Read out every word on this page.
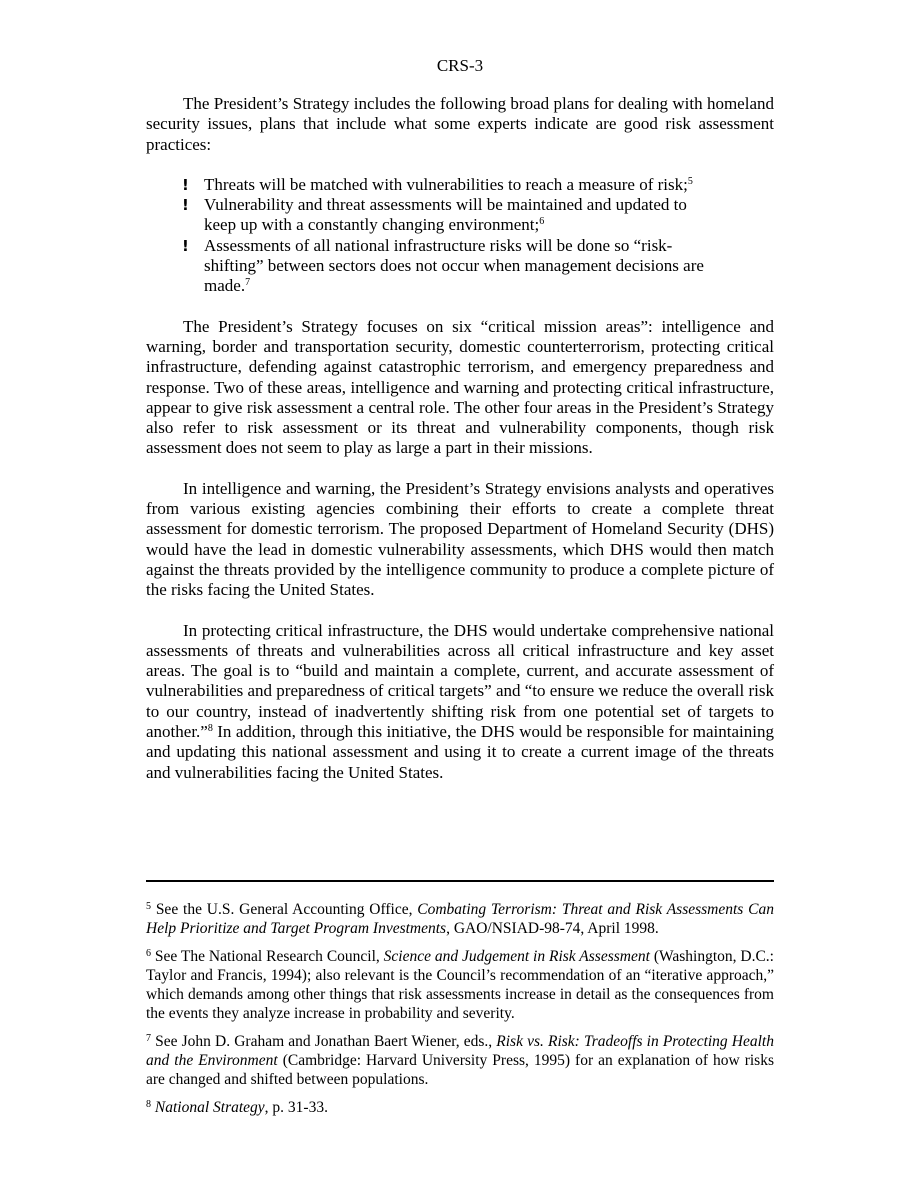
CRS-3

The President’s Strategy includes the following broad plans for dealing with homeland security issues, plans that include what some experts indicate are good risk assessment practices:

! Threats will be matched with vulnerabilities to reach a measure of risk;$^5$
! Vulnerability and threat assessments will be maintained and updated to keep up with a constantly changing environment;$^6$
! Assessments of all national infrastructure risks will be done so “risk-shifting” between sectors does not occur when management decisions are made.$^7$

The President’s Strategy focuses on six “critical mission areas”: intelligence and warning, border and transportation security, domestic counterterrorism, protecting critical infrastructure, defending against catastrophic terrorism, and emergency preparedness and response. Two of these areas, intelligence and warning and protecting critical infrastructure, appear to give risk assessment a central role. The other four areas in the President’s Strategy also refer to risk assessment or its threat and vulnerability components, though risk assessment does not seem to play as large a part in their missions.

In intelligence and warning, the President’s Strategy envisions analysts and operatives from various existing agencies combining their efforts to create a complete threat assessment for domestic terrorism. The proposed Department of Homeland Security (DHS) would have the lead in domestic vulnerability assessments, which DHS would then match against the threats provided by the intelligence community to produce a complete picture of the risks facing the United States.

In protecting critical infrastructure, the DHS would undertake comprehensive national assessments of threats and vulnerabilities across all critical infrastructure and key asset areas. The goal is to “build and maintain a complete, current, and accurate assessment of vulnerabilities and preparedness of critical targets” and “to ensure we reduce the overall risk to our country, instead of inadvertently shifting risk from one potential set of targets to another.”$^8$ In addition, through this initiative, the DHS would be responsible for maintaining and updating this national assessment and using it to create a current image of the threats and vulnerabilities facing the United States.

$^5$ See the U.S. General Accounting Office, Combating Terrorism: Threat and Risk Assessments Can Help Prioritize and Target Program Investments, GAO/NSIAD-98-74, April 1998.

$^6$ See The National Research Council, Science and Judgement in Risk Assessment (Washington, D.C.: Taylor and Francis, 1994); also relevant is the Council’s recommendation of an “iterative approach,” which demands among other things that risk assessments increase in detail as the consequences from the events they analyze increase in probability and severity.

$^7$ See John D. Graham and Jonathan Baert Wiener, eds., Risk vs. Risk: Tradeoffs in Protecting Health and the Environment (Cambridge: Harvard University Press, 1995) for an explanation of how risks are changed and shifted between populations.

$^8$ National Strategy, p. 31-33.
